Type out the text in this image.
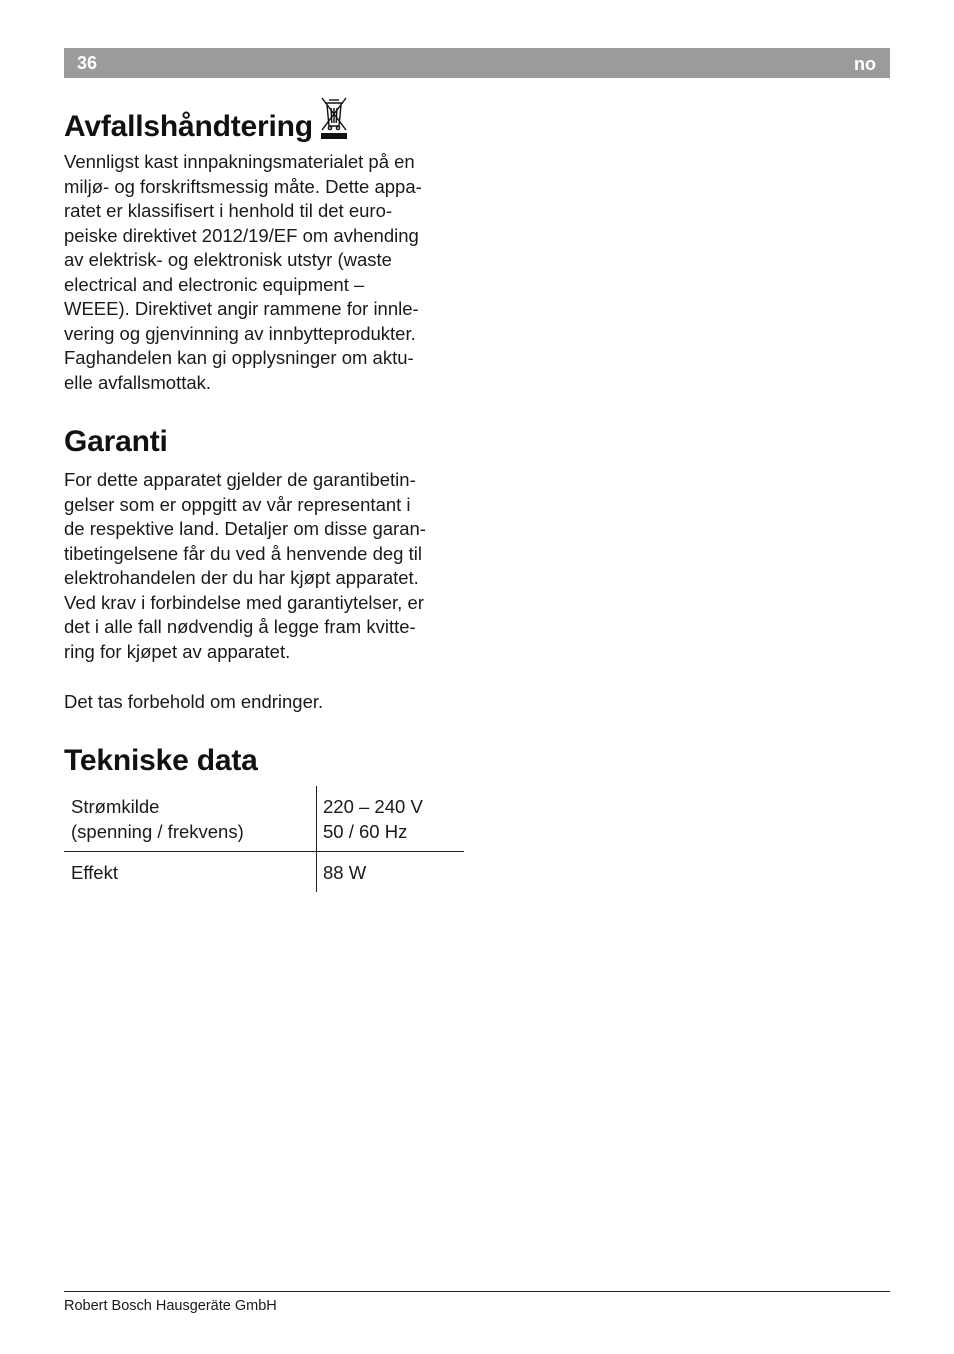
36	no
Avfallshåndtering

Vennligst kast innpakningsmaterialet på en
miljø- og forskriftsmessig måte. Dette appa-
ratet er klassifisert i henhold til det euro-
peiske direktivet 2012/19/EF om avhending
av elektrisk- og elektronisk utstyr (waste
electrical and electronic equipment –
WEEE). Direktivet angir rammene for innle-
vering og gjenvinning av innbytteprodukter.
Faghandelen kan gi opplysninger om aktu-
elle avfallsmottak.

Garanti

For dette apparatet gjelder de garantibetin-
gelser som er oppgitt av vår representant i
de respektive land. Detaljer om disse garan-
tibetingelsene får du ved å henvende deg til
elektrohandelen der du har kjøpt apparatet.
Ved krav i forbindelse med garantiytelser, er
det i alle fall nødvendig å legge fram kvitte-
ring for kjøpet av apparatet.

Det tas forbehold om endringer.

Tekniske data
Strømkilde
(spenning / frekvens)
220 – 240 V
50 / 60 Hz
Effekt	88 W
Robert Bosch Hausgeräte GmbH
